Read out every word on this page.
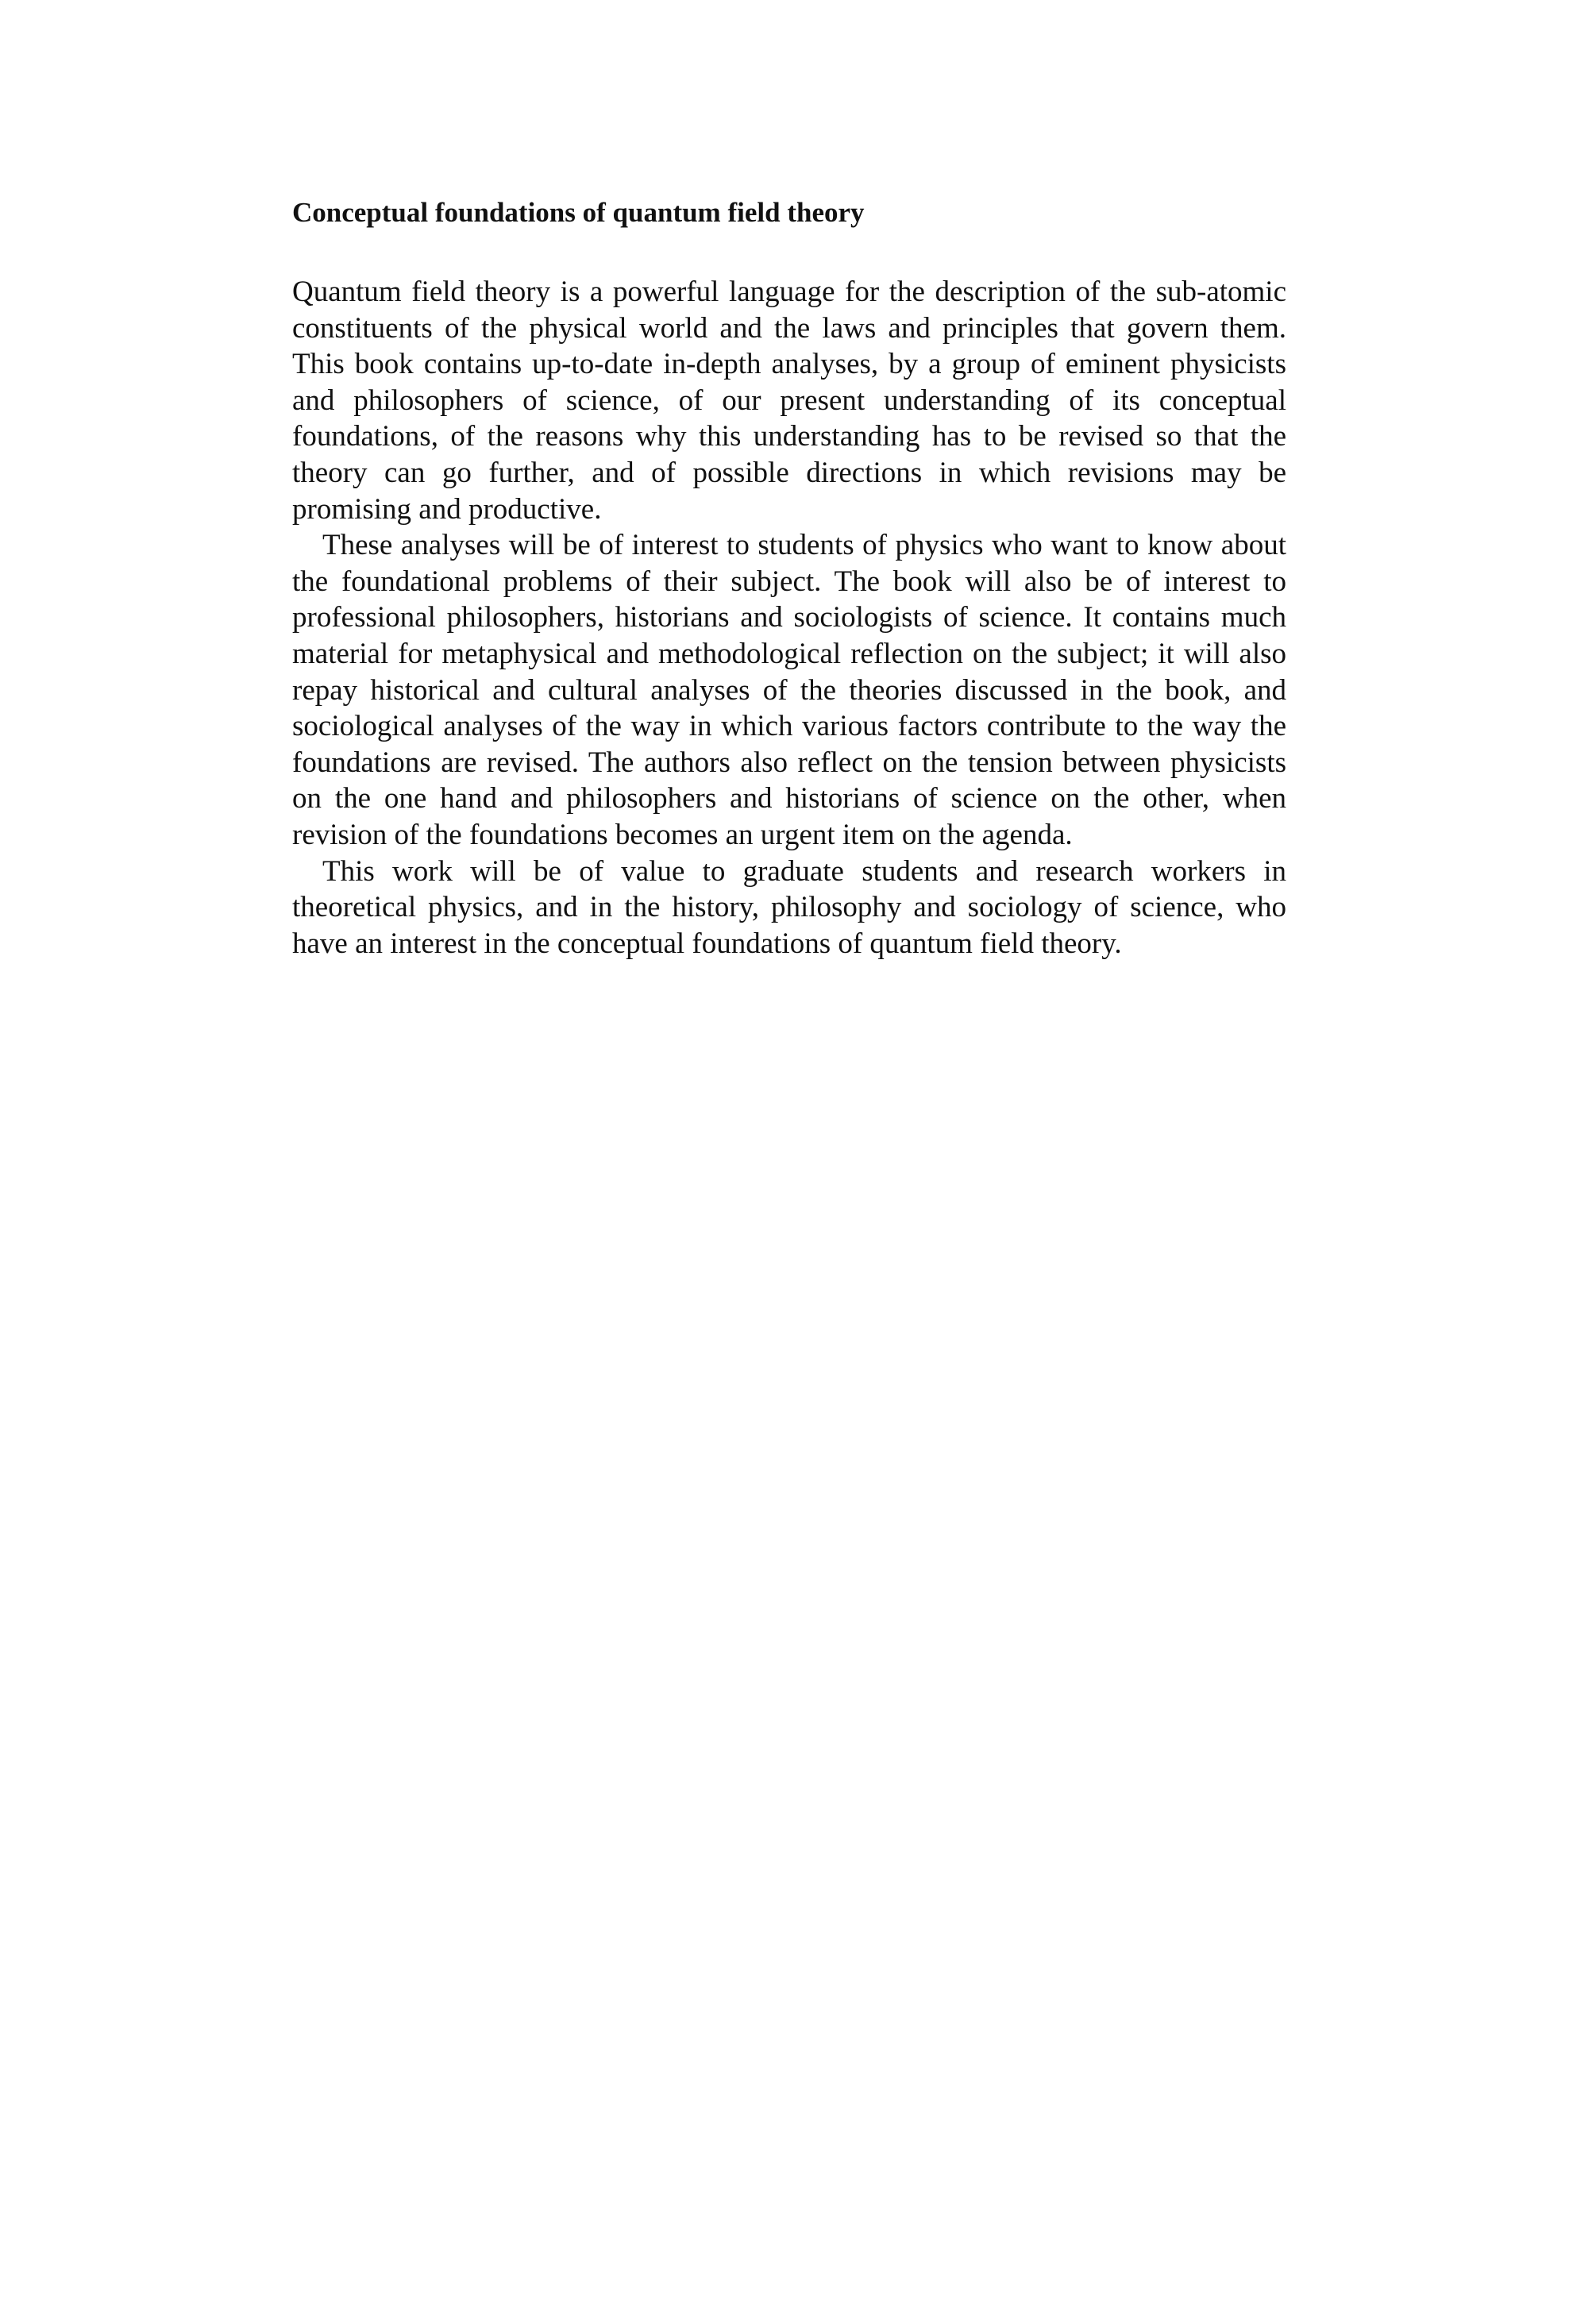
Conceptual foundations of quantum field theory

Quantum field theory is a powerful language for the description of the sub-atomic constituents of the physical world and the laws and principles that govern them. This book contains up-to-date in-depth analyses, by a group of eminent physicists and philosophers of science, of our present understanding of its conceptual foundations, of the reasons why this understanding has to be revised so that the theory can go further, and of possible directions in which revisions may be promising and productive.

These analyses will be of interest to students of physics who want to know about the foundational problems of their subject. The book will also be of interest to professional philosophers, historians and sociologists of science. It contains much material for metaphysical and methodological reflection on the subject; it will also repay historical and cultural analyses of the theories discussed in the book, and sociological analyses of the way in which various factors contribute to the way the foundations are revised. The authors also reflect on the tension between physicists on the one hand and philosophers and historians of science on the other, when revision of the foundations becomes an urgent item on the agenda.

This work will be of value to graduate students and research workers in theoretical physics, and in the history, philosophy and sociology of science, who have an interest in the conceptual foundations of quantum field theory.
